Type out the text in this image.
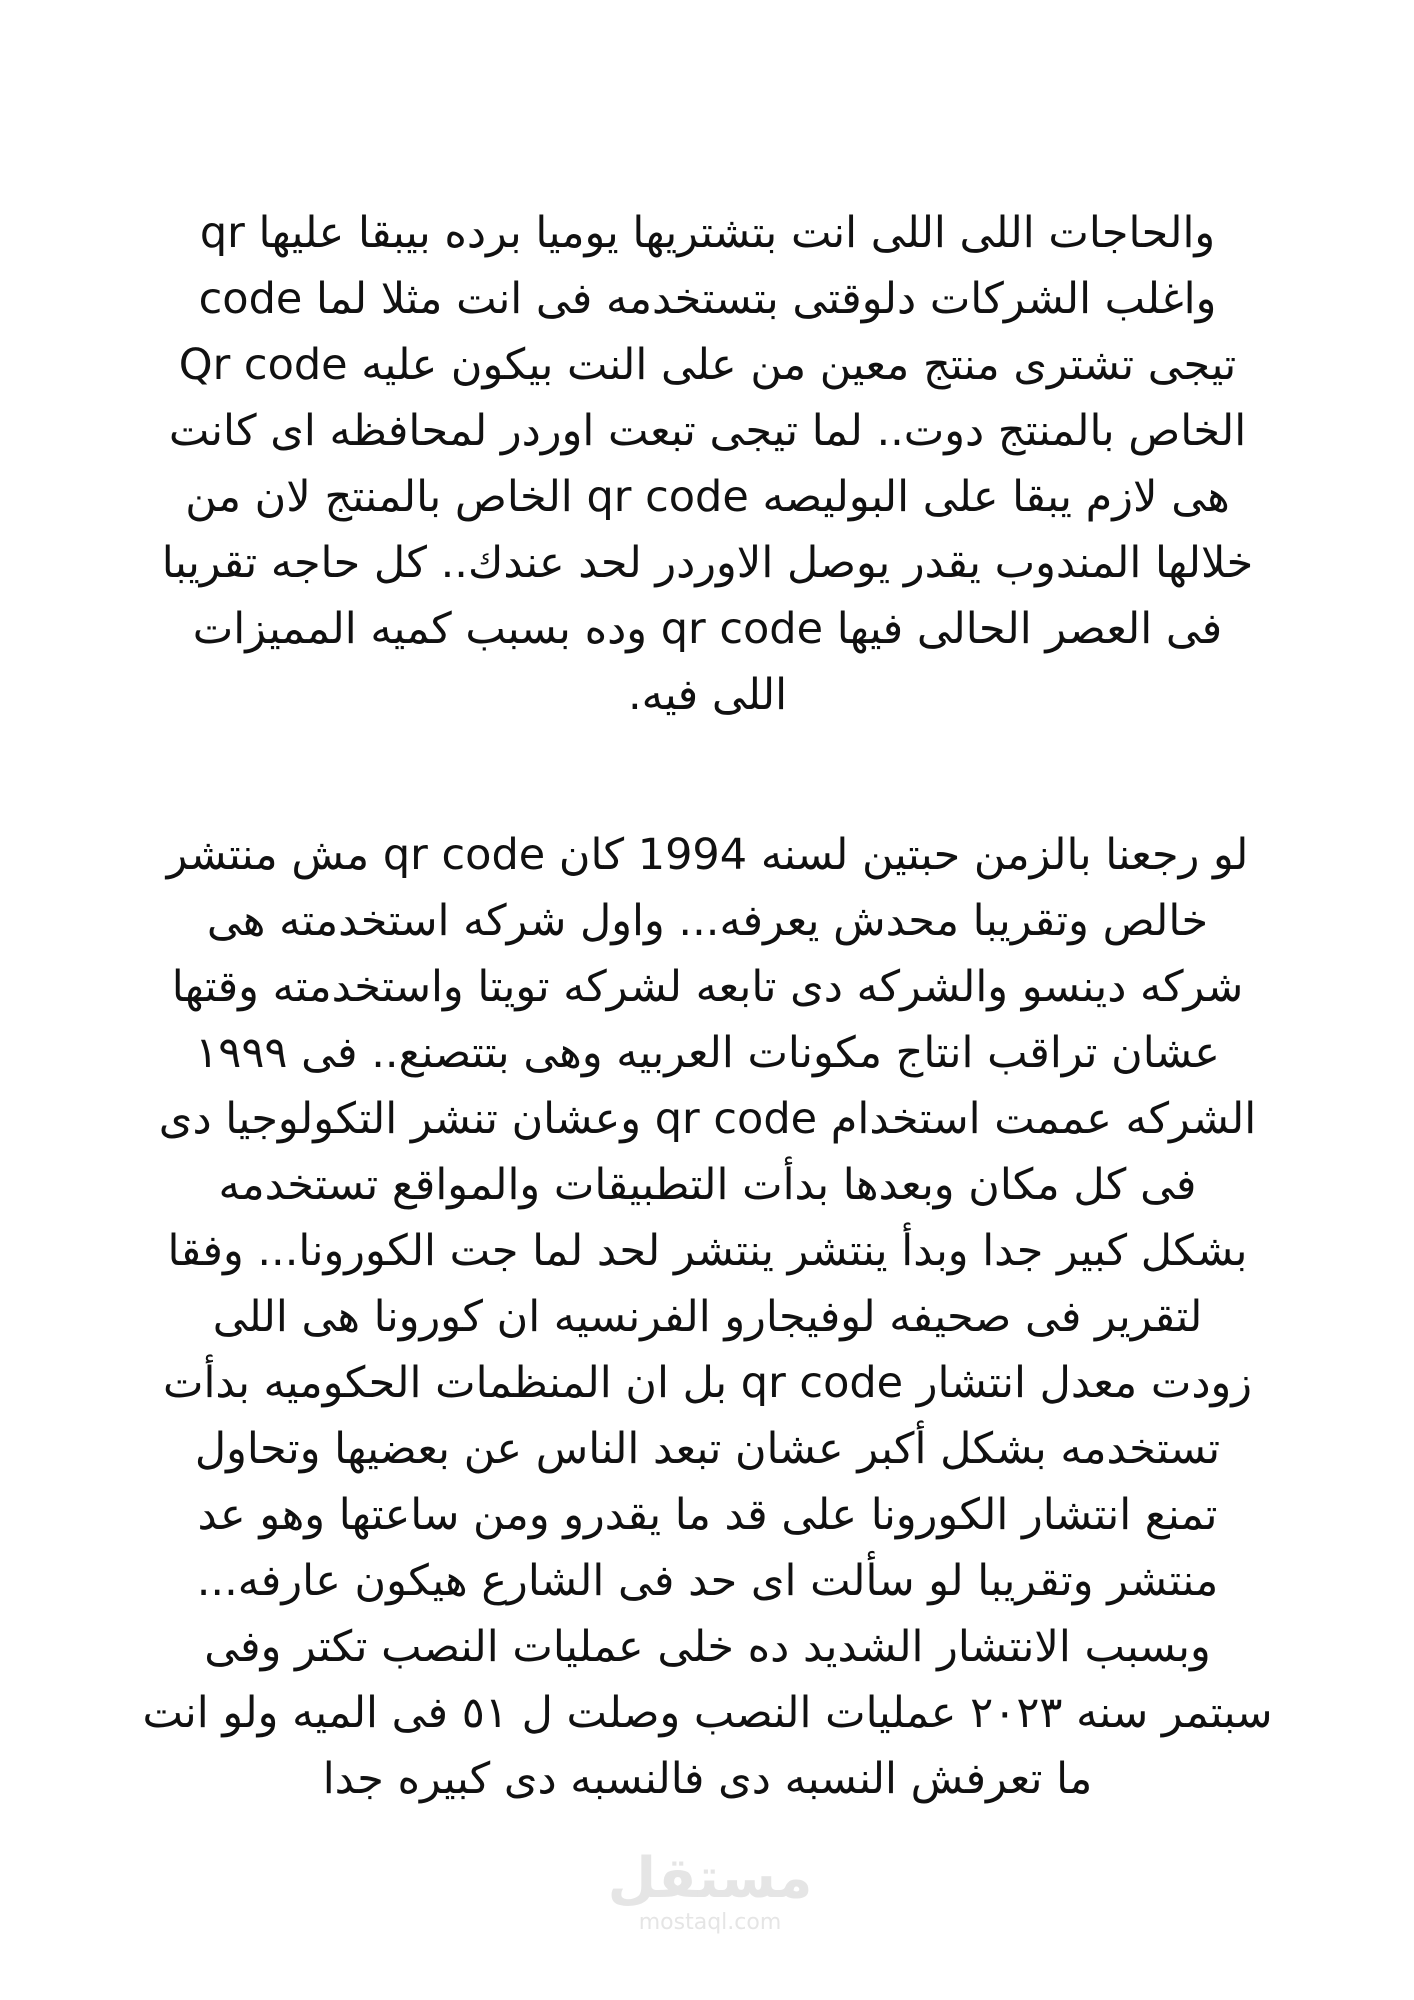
والحاجات اللى اللى انت بتشتريها يوميا برده بيبقا عليها qr
code واغلب الشركات دلوقتى بتستخدمه فى انت مثلا لما
تيجى تشترى منتج معين من على النت بيكون عليه Qr code
الخاص بالمنتج دوت.. لما تيجى تبعت اوردر لمحافظه اى كانت
هى لازم يبقا على البوليصه qr code الخاص بالمنتج لان من
خلالها المندوب يقدر يوصل الاوردر لحد عندك.. كل حاجه تقريبا
فى العصر الحالى فيها qr code وده بسبب كميه المميزات
اللى فيه.
لو رجعنا بالزمن حبتين لسنه 1994 كان qr code مش منتشر
خالص وتقريبا محدش يعرفه... واول شركه استخدمته هى
شركه دينسو والشركه دى تابعه لشركه تويتا واستخدمته وقتها
عشان تراقب انتاج مكونات العربيه وهى بتتصنع.. فى ١٩٩٩
الشركه عممت استخدام qr code وعشان تنشر التكولوجيا دى
فى كل مكان وبعدها بدأت التطبيقات والمواقع تستخدمه
بشكل كبير جدا وبدأ ينتشر ينتشر لحد لما جت الكورونا... وفقا
لتقرير فى صحيفه لوفيجارو الفرنسيه ان كورونا هى اللى
زودت معدل انتشار qr code بل ان المنظمات الحكوميه بدأت
تستخدمه بشكل أكبر عشان تبعد الناس عن بعضيها وتحاول
تمنع انتشار الكورونا على قد ما يقدرو ومن ساعتها وهو عد
منتشر وتقريبا لو سألت اى حد فى الشارع هيكون عارفه...
وبسبب الانتشار الشديد ده خلى عمليات النصب تكتر وفى
سبتمر سنه ٢٠٢٣ عمليات النصب وصلت ل ٥١ فى الميه ولو انت
ما تعرفش النسبه دى فالنسبه دى كبيره جدا
مستقل
mostaql.com
